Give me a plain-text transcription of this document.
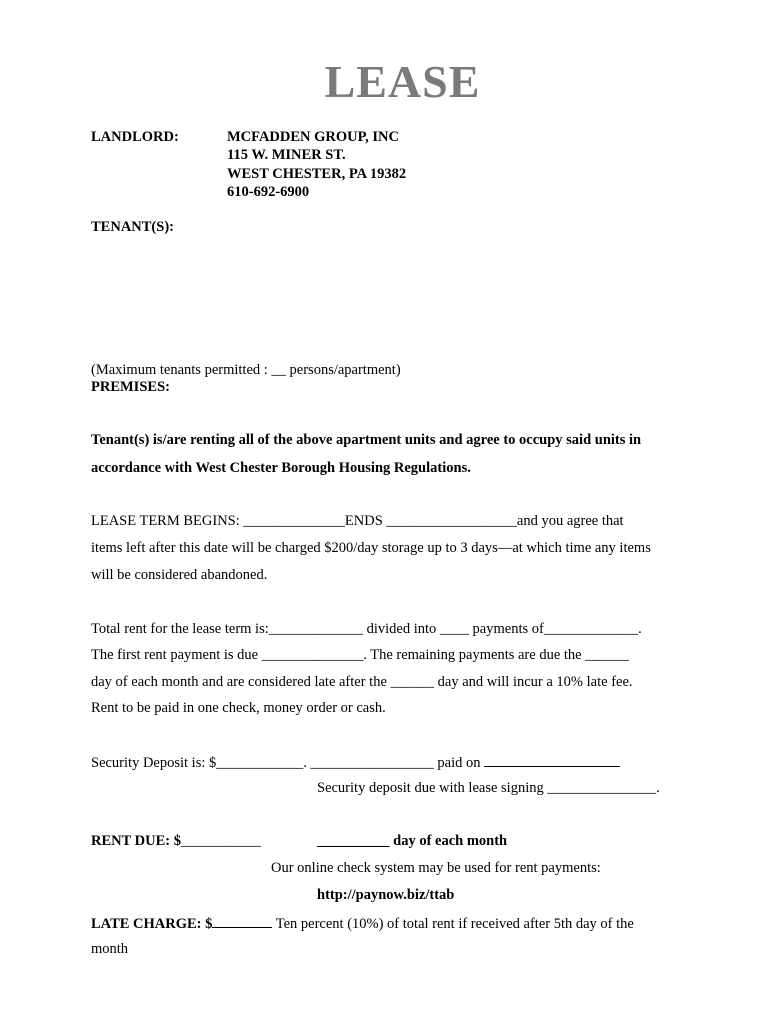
LEASE
LANDLORD:	MCFADDEN GROUP, INC
115 W. MINER ST.
WEST CHESTER, PA 19382
610-692-6900
TENANT(S):
(Maximum tenants permitted : __ persons/apartment)
PREMISES:
Tenant(s) is/are renting all of the above apartment units and agree to occupy said units in
accordance with West Chester Borough Housing Regulations.
LEASE TERM BEGINS: ______________ENDS __________________and you agree that
items left after this date will be charged $200/day storage up to 3 days—at which time any items
will be considered abandoned.
Total rent for the lease term is:_____________ divided into ____ payments of_____________.
The first rent payment is due ______________. The remaining payments are due the ______
day of each month and are considered late after the ______ day and will incur a 10% late fee.
Rent to be paid in one check, money order or cash.
Security Deposit is: $____________. _________________ paid on
Security deposit due with lease signing _______________.
RENT DUE: $___________	__________ day of each month
Our online check system may be used for rent payments:
http://paynow.biz/ttab
LATE CHARGE: $	Ten percent (10%) of total rent if received after 5th day of the
month
